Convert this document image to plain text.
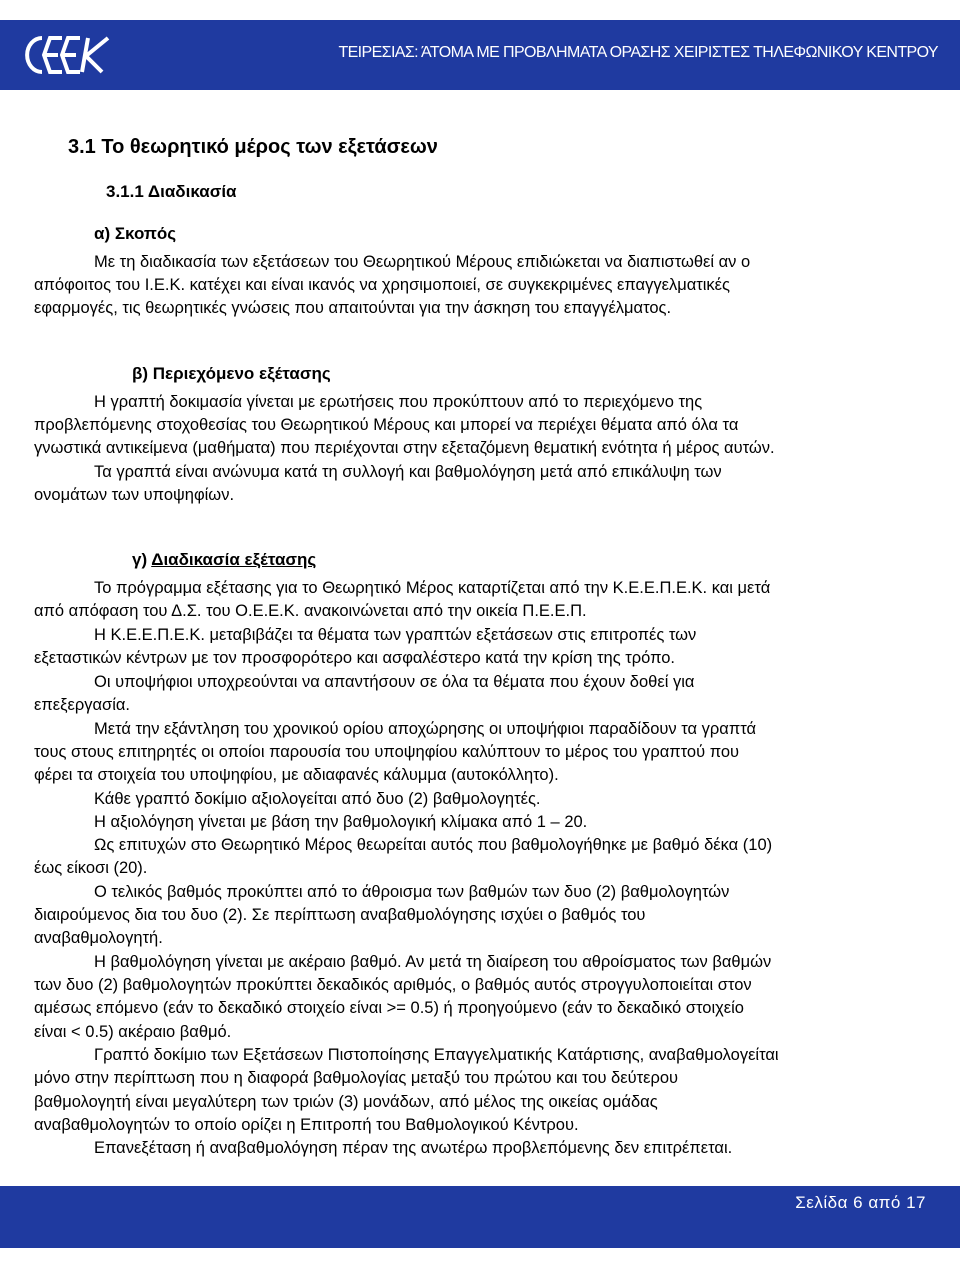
ΤΕΙΡΕΣΙΑΣ: ΆΤΟΜΑ ΜΕ ΠΡΟΒΛΗΜΑΤΑ ΟΡΑΣΗΣ ΧΕΙΡΙΣΤΕΣ ΤΗΛΕΦΩΝΙΚΟΥ ΚΕΝΤΡΟΥ
3.1 Το θεωρητικό μέρος των εξετάσεων
3.1.1 Διαδικασία
α) Σκοπός
Με τη διαδικασία των εξετάσεων του Θεωρητικού Μέρους επιδιώκεται να διαπιστωθεί αν ο
απόφοιτος του Ι.Ε.Κ. κατέχει και είναι ικανός να χρησιμοποιεί, σε συγκεκριμένες επαγγελματικές
εφαρμογές, τις θεωρητικές γνώσεις που απαιτούνται για την άσκηση του επαγγέλματος.
β) Περιεχόμενο εξέτασης
Η γραπτή δοκιμασία γίνεται με ερωτήσεις που προκύπτουν από το περιεχόμενο της
προβλεπόμενης στοχοθεσίας του Θεωρητικού Μέρους και μπορεί να περιέχει θέματα από όλα τα
γνωστικά αντικείμενα (μαθήματα) που περιέχονται στην εξεταζόμενη θεματική ενότητα ή μέρος αυτών.
Τα γραπτά είναι ανώνυμα κατά τη συλλογή και βαθμολόγηση μετά από επικάλυψη των
ονομάτων των υποψηφίων.
γ) Διαδικασία εξέτασης
Το πρόγραμμα εξέτασης για το Θεωρητικό Μέρος καταρτίζεται από την Κ.Ε.Ε.Π.Ε.Κ. και μετά
από απόφαση του Δ.Σ. του Ο.Ε.Ε.Κ. ανακοινώνεται από την οικεία Π.Ε.Ε.Π.
Η Κ.Ε.Ε.Π.Ε.Κ. μεταβιβάζει τα θέματα των γραπτών εξετάσεων στις επιτροπές των
εξεταστικών κέντρων με τον προσφορότερο και ασφαλέστερο κατά την κρίση της τρόπο.
Οι υποψήφιοι υποχρεούνται να απαντήσουν σε όλα τα θέματα που έχουν δοθεί για
επεξεργασία.
Μετά την εξάντληση του χρονικού ορίου αποχώρησης οι υποψήφιοι παραδίδουν τα γραπτά
τους στους επιτηρητές οι οποίοι παρουσία του υποψηφίου καλύπτουν το μέρος του γραπτού που
φέρει τα στοιχεία του υποψηφίου, με αδιαφανές κάλυμμα (αυτοκόλλητο).
Κάθε γραπτό δοκίμιο αξιολογείται από δυο (2) βαθμολογητές.
Η αξιολόγηση γίνεται με βάση την βαθμολογική κλίμακα από 1 – 20.
Ως επιτυχών στο Θεωρητικό Μέρος θεωρείται αυτός που βαθμολογήθηκε με βαθμό δέκα (10)
έως είκοσι (20).
Ο τελικός βαθμός προκύπτει από το άθροισμα των βαθμών των δυο (2) βαθμολογητών
διαιρούμενος δια του δυο (2). Σε περίπτωση αναβαθμολόγησης ισχύει ο βαθμός του
αναβαθμολογητή.
Η βαθμολόγηση γίνεται με ακέραιο βαθμό. Αν μετά τη διαίρεση του αθροίσματος των βαθμών
των δυο (2) βαθμολογητών προκύπτει δεκαδικός αριθμός, ο βαθμός αυτός στρογγυλοποιείται στον
αμέσως επόμενο (εάν το δεκαδικό στοιχείο είναι >= 0.5) ή προηγούμενο (εάν το δεκαδικό στοιχείο
είναι < 0.5) ακέραιο βαθμό.
Γραπτό δοκίμιο των Εξετάσεων Πιστοποίησης Επαγγελματικής Κατάρτισης, αναβαθμολογείται
μόνο στην περίπτωση που η διαφορά βαθμολογίας μεταξύ του πρώτου και του δεύτερου
βαθμολογητή είναι μεγαλύτερη των τριών (3) μονάδων, από μέλος της οικείας ομάδας
αναβαθμολογητών το οποίο ορίζει η Επιτροπή του Βαθμολογικού Κέντρου.
Επανεξέταση ή αναβαθμολόγηση πέραν της ανωτέρω προβλεπόμενης δεν επιτρέπεται.
Σελίδα 6 από 17
